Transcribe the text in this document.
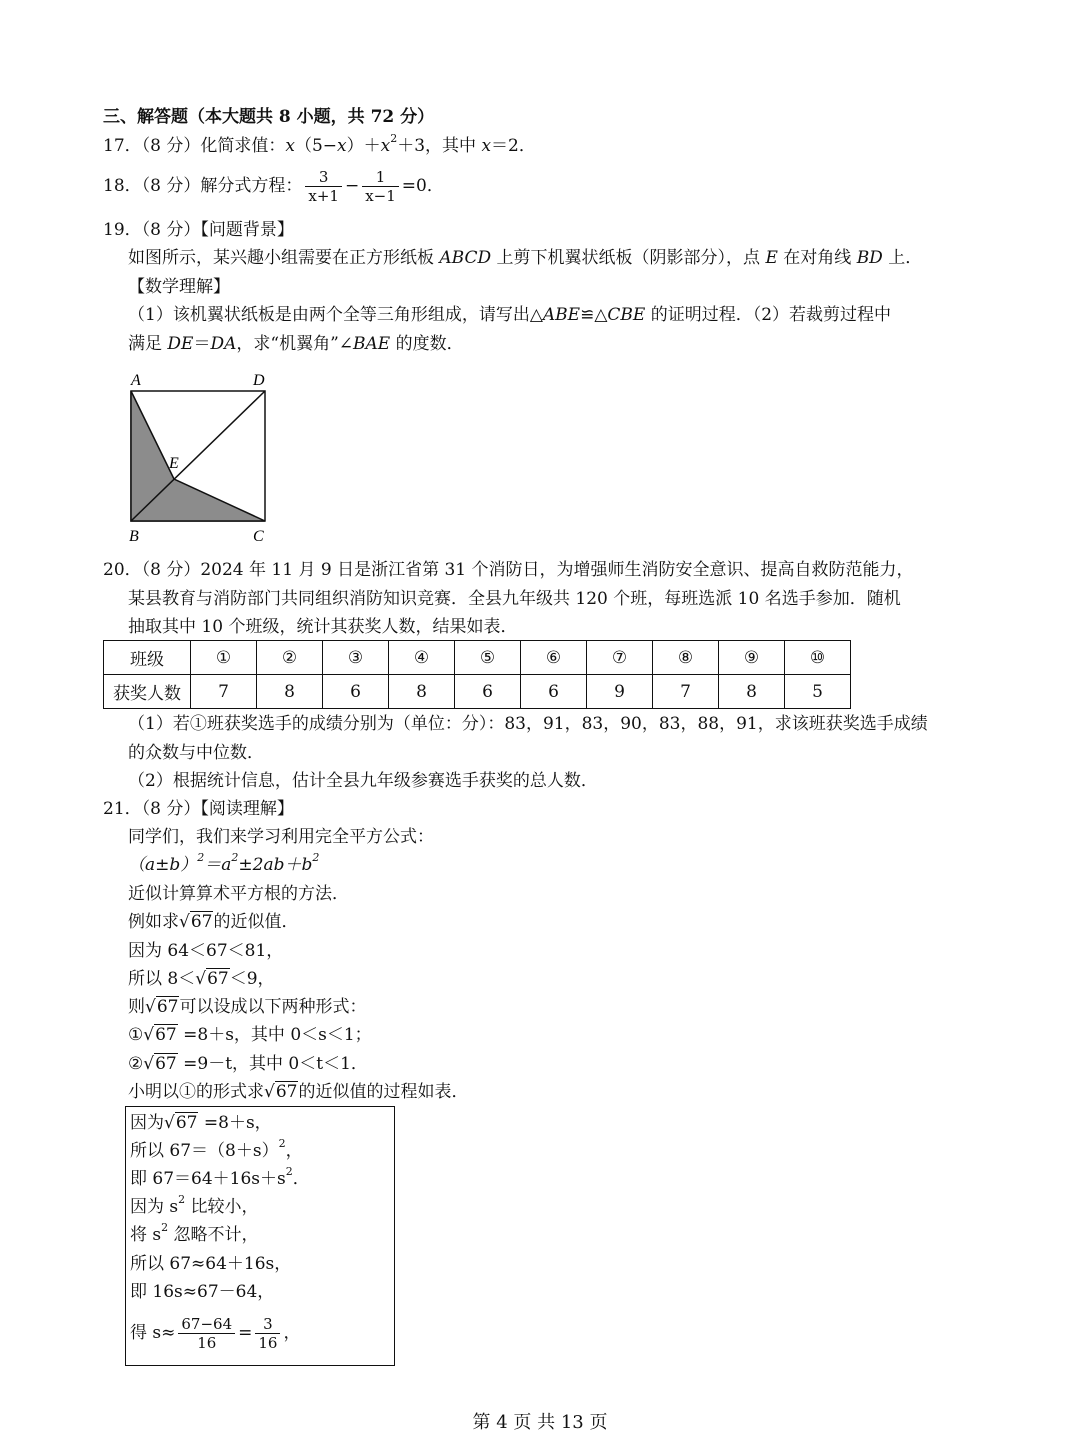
三、解答题（本大题共 8 小题，共 72 分）
17．（8 分）化简求值：$x(5-x)+x^2+3$，其中 x＝2．
18．（8 分）解分式方程： $\frac{3}{x+1} - \frac{1}{x-1} =0$．
19．（8 分）【问题背景】
如图所示，某兴趣小组需要在正方形纸板 ABCD 上剪下机翼状纸板（阴影部分），点 E 在对角线 BD 上．
【数学理解】
（1）该机翼状纸板是由两个全等三角形组成，请写出△ABE≌△CBE 的证明过程．（2）若裁剪过程中
满足 DE＝DA，求“机翼角”∠BAE 的度数．
A	D
E
B	C
20．（8 分）2024 年 11 月 9 日是浙江省第 31 个消防日，为增强师生消防安全意识、提高自救防范能力，
某县教育与消防部门共同组织消防知识竞赛．全县九年级共 120 个班，每班选派 10 名选手参加．随机
抽取其中 10 个班级，统计其获奖人数，结果如表．
班级	①	②	③	④	⑤	⑥	⑦	⑧	⑨	⑩
获奖人数	7	8	6	8	6	6	9	7	8	5
（1）若①班获奖选手的成绩分别为（单位：分）：83，91，83，90，83，88，91，求该班获奖选手成绩
的众数与中位数．
（2）根据统计信息，估计全县九年级参赛选手获奖的总人数．
21．（8 分）【阅读理解】
同学们，我们来学习利用完全平方公式：
$(a\pm b)^2=a^2\pm 2ab+b^2$
近似计算算术平方根的方法．
例如求√67的近似值．
因为 64＜67＜81，
所以 8＜√67＜9，
则√67可以设成以下两种形式：
①√67 =8＋s，其中 0＜s＜1；
②√67 =9－t，其中 0＜t＜1．
小明以①的形式求√67的近似值的过程如表．
因为√67 =8＋s，
所以 $67=(8+s)^2$，
即 $67=64+16s+s^2$．
因为 $s^2$ 比较小，
将 $s^2$ 忽略不计，
所以 67≈64＋16s，
即 16s≈67－64，
得 $s\approx \frac{67-64}{16} = \frac{3}{16}$ ，
第 4 页 共 13 页
